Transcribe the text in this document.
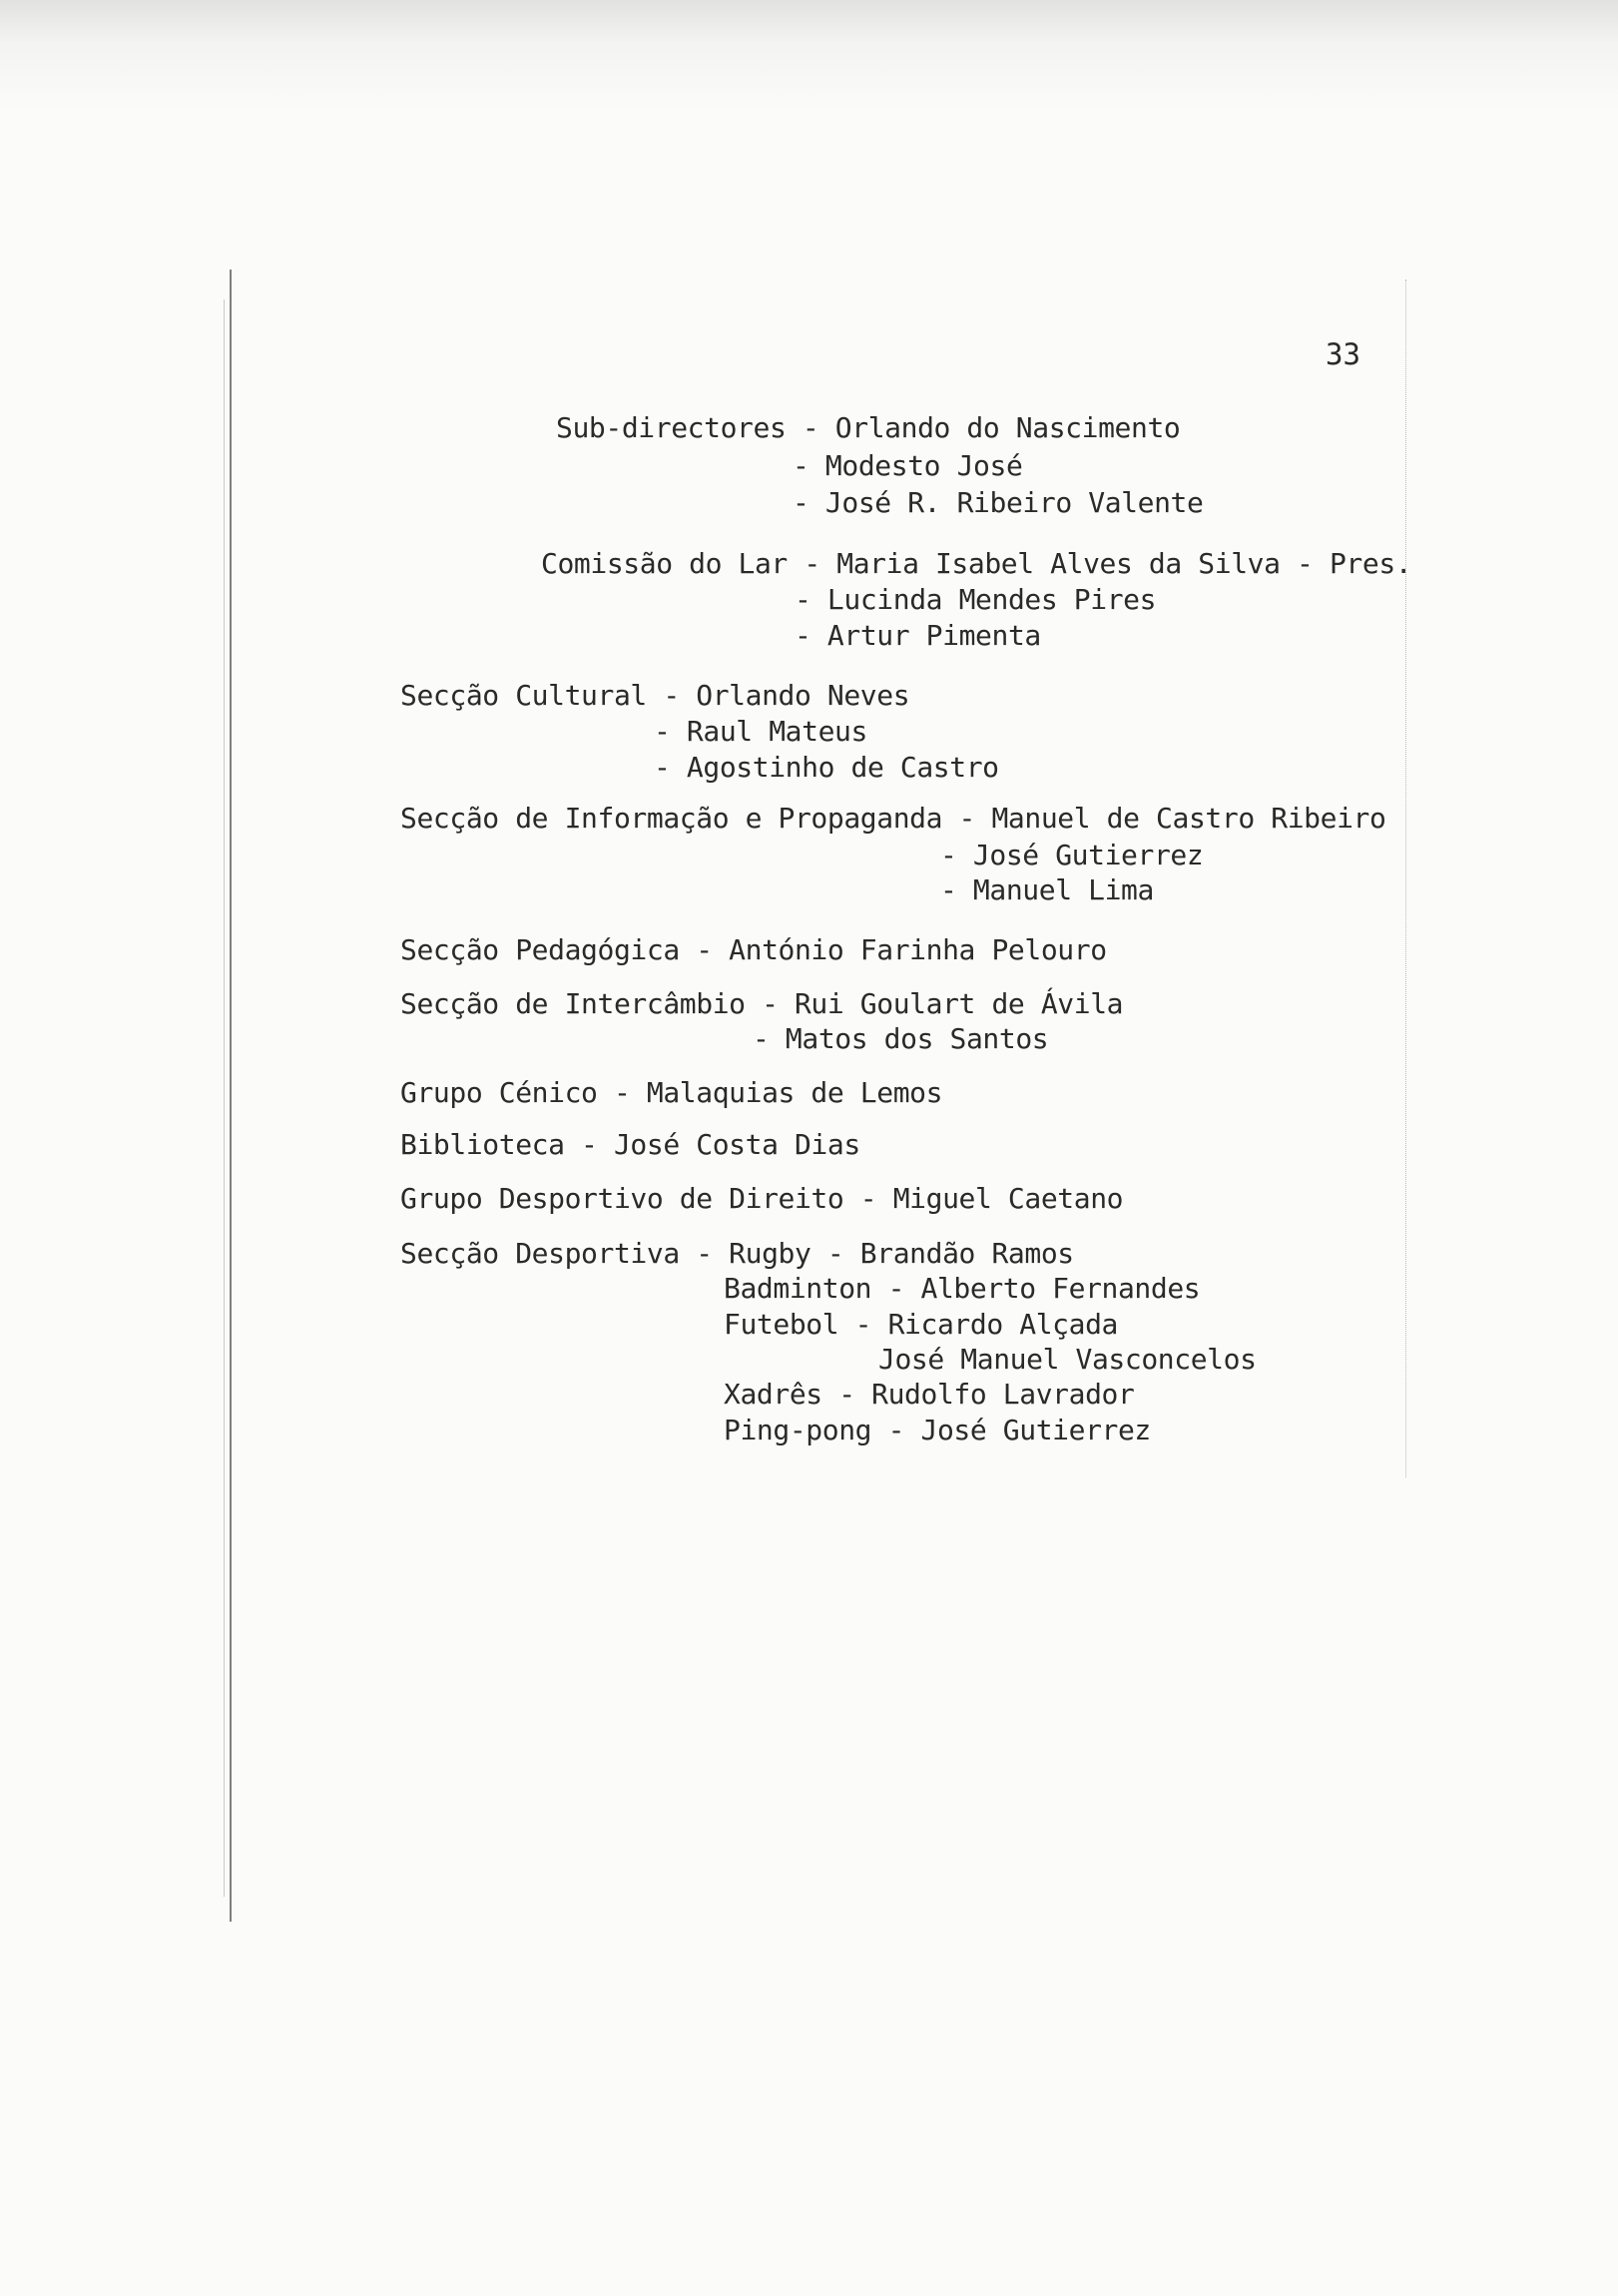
33
Sub-directores - Orlando do Nascimento
- Modesto José
- José R. Ribeiro Valente
Comissão do Lar - Maria Isabel Alves da Silva - Pres.
- Lucinda Mendes Pires
- Artur Pimenta
Secção Cultural - Orlando Neves
- Raul Mateus
- Agostinho de Castro
Secção de Informação e Propaganda - Manuel de Castro Ribeiro
- José Gutierrez
- Manuel Lima
Secção Pedagógica - António Farinha Pelouro
Secção de Intercâmbio - Rui Goulart de Ávila
- Matos dos Santos
Grupo Cénico - Malaquias de Lemos
Biblioteca - José Costa Dias
Grupo Desportivo de Direito - Miguel Caetano
Secção Desportiva - Rugby - Brandão Ramos
Badminton - Alberto Fernandes
Futebol - Ricardo Alçada
José Manuel Vasconcelos
Xadrês - Rudolfo Lavrador
Ping-pong - José Gutierrez
